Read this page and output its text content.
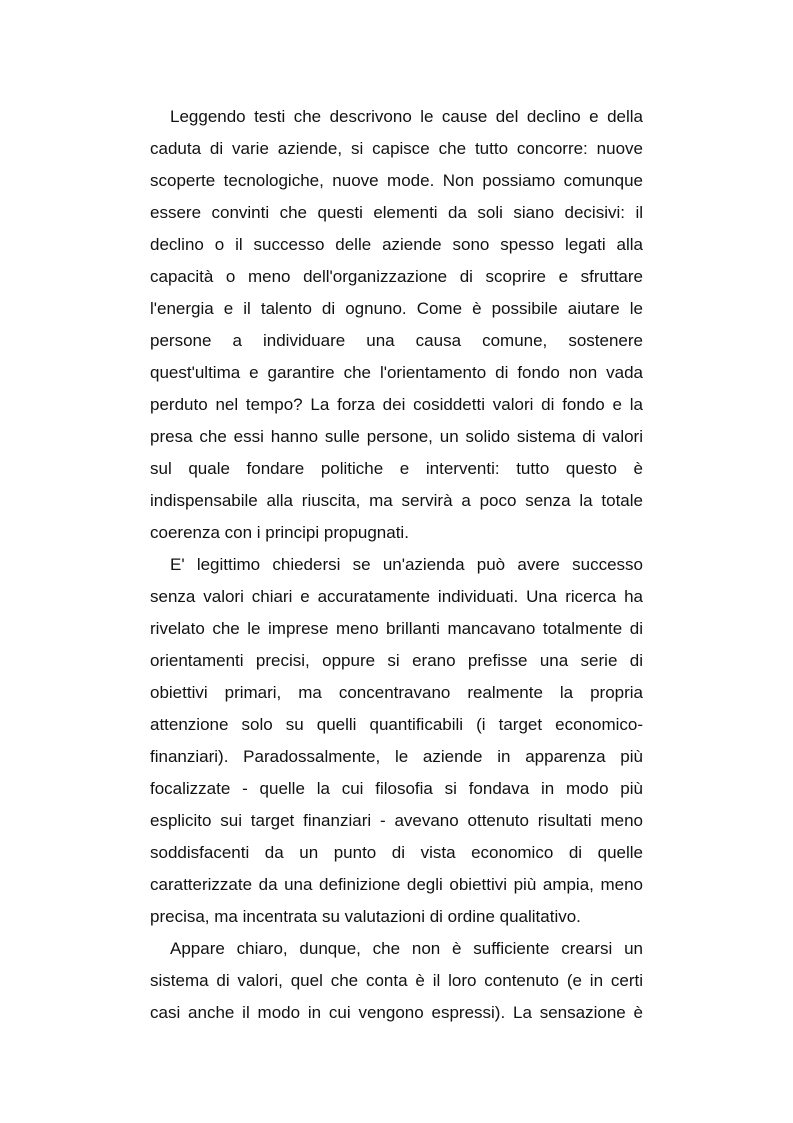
Leggendo testi che descrivono le cause del declino e della
caduta di varie aziende, si capisce che tutto concorre: nuove
scoperte tecnologiche, nuove mode. Non possiamo comunque
essere convinti che questi elementi da soli siano decisivi: il
declino o il successo delle aziende sono spesso legati alla
capacità o meno dell'organizzazione di scoprire e sfruttare
l'energia e il talento di ognuno. Come è possibile aiutare le
persone a individuare una causa comune, sostenere
quest'ultima e garantire che l'orientamento di fondo non vada
perduto nel tempo? La forza dei cosiddetti valori di fondo e la
presa che essi hanno sulle persone, un solido sistema di valori
sul quale fondare politiche e interventi: tutto questo è
indispensabile alla riuscita, ma servirà a poco senza la totale
coerenza con i principi propugnati.
E' legittimo chiedersi se un'azienda può avere successo
senza valori chiari e accuratamente individuati. Una ricerca ha
rivelato che le imprese meno brillanti mancavano totalmente di
orientamenti precisi, oppure si erano prefisse una serie di
obiettivi primari, ma concentravano realmente la propria
attenzione solo su quelli quantificabili (i target economico-
finanziari). Paradossalmente, le aziende in apparenza più
focalizzate - quelle la cui filosofia si fondava in modo più
esplicito sui target finanziari - avevano ottenuto risultati meno
soddisfacenti da un punto di vista economico di quelle
caratterizzate da una definizione degli obiettivi più ampia, meno
precisa, ma incentrata su valutazioni di ordine qualitativo.
Appare chiaro, dunque, che non è sufficiente crearsi un
sistema di valori, quel che conta è il loro contenuto (e in certi
casi anche il modo in cui vengono espressi). La sensazione è
